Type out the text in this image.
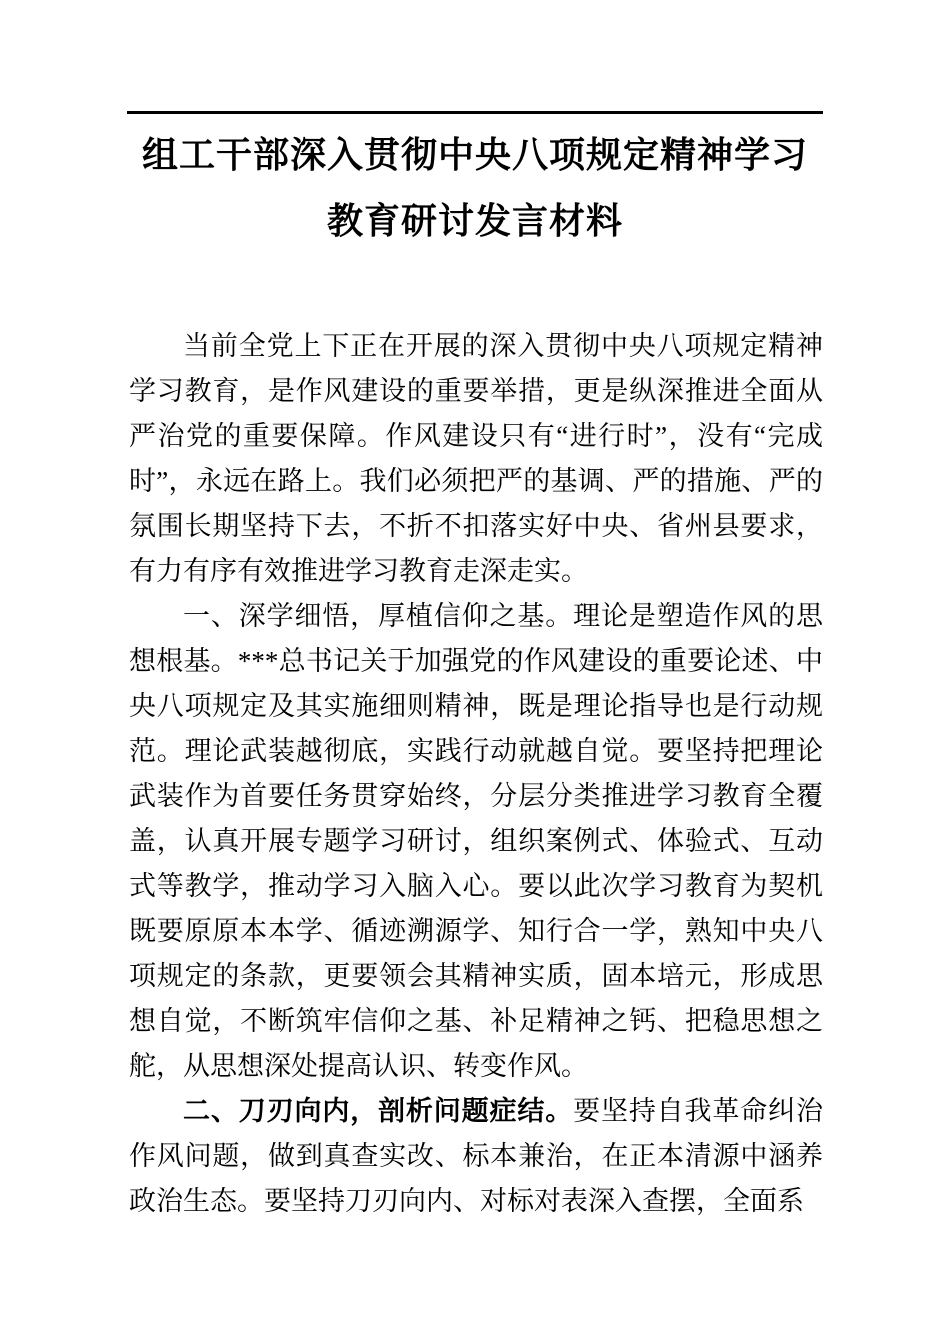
组工干部深入贯彻中央八项规定精神学习
教育研讨发言材料

当前全党上下正在开展的深入贯彻中央八项规定精神学习教育，是作风建设的重要举措，更是纵深推进全面从严治党的重要保障。作风建设只有“进行时”，没有“完成时”，永远在路上。我们必须把严的基调、严的措施、严的氛围长期坚持下去，不折不扣落实好中央、省州县要求，有力有序有效推进学习教育走深走实。

一、深学细悟，厚植信仰之基。理论是塑造作风的思想根基。***总书记关于加强党的作风建设的重要论述、中央八项规定及其实施细则精神，既是理论指导也是行动规范。理论武装越彻底，实践行动就越自觉。要坚持把理论武装作为首要任务贯穿始终，分层分类推进学习教育全覆盖，认真开展专题学习研讨，组织案例式、体验式、互动式等教学，推动学习入脑入心。要以此次学习教育为契机既要原原本本学、循迹溯源学、知行合一学，熟知中央八项规定的条款，更要领会其精神实质，固本培元，形成思想自觉，不断筑牢信仰之基、补足精神之钙、把稳思想之舵，从思想深处提高认识、转变作风。

二、刀刃向内，剖析问题症结。要坚持自我革命纠治作风问题，做到真查实改、标本兼治，在正本清源中涵养政治生态。要坚持刀刃向内、对标对表深入查摆，全面系
